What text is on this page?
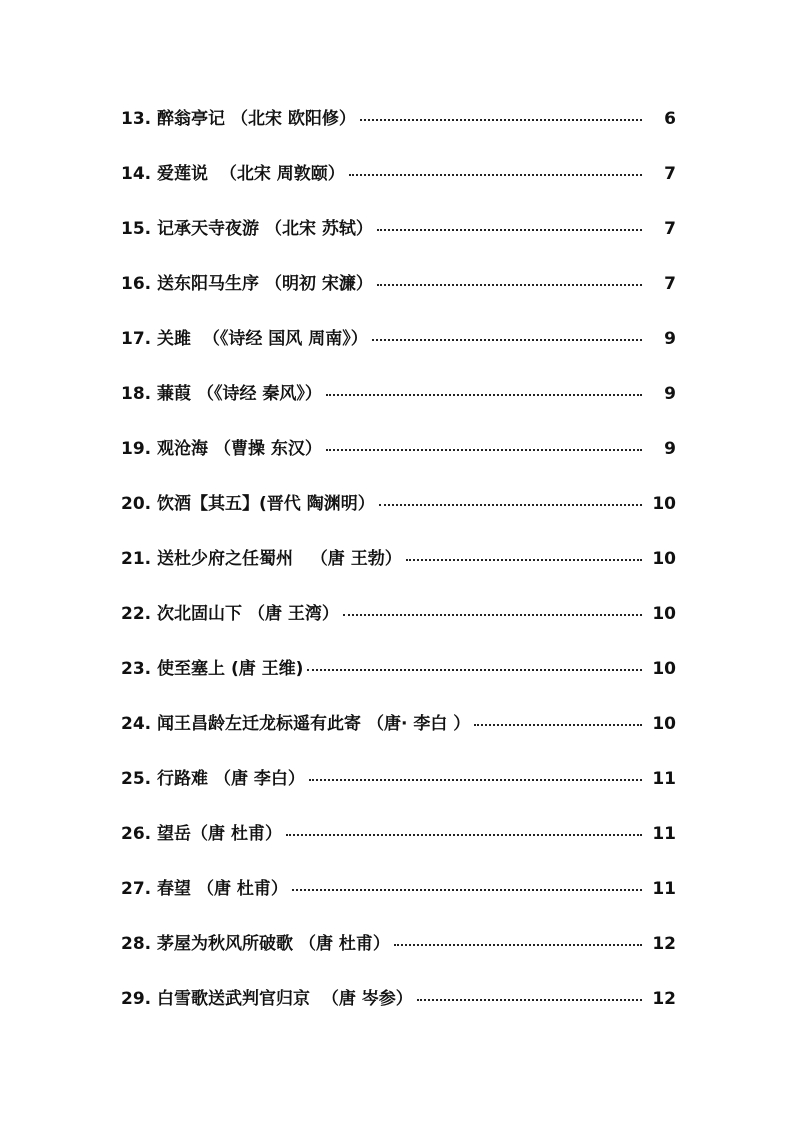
13. 醉翁亭记 （北宋 欧阳修）	6
14. 爱莲说  （北宋 周敦颐）	7
15. 记承天寺夜游 （北宋 苏轼）	7
16. 送东阳马生序 （明初 宋濂）	7
17. 关雎  （《诗经 国风 周南》）	9
18. 蒹葭 （《诗经 秦风》）	9
19. 观沧海 （曹操 东汉）	9
20. 饮酒【其五】(晋代 陶渊明）	10
21. 送杜少府之任蜀州   （唐 王勃）	10
22. 次北固山下 （唐 王湾）	10
23. 使至塞上 (唐 王维)	10
24. 闻王昌龄左迁龙标遥有此寄 （唐· 李白 ）	10
25. 行路难 （唐 李白）	11
26. 望岳（唐 杜甫）	11
27. 春望 （唐 杜甫）	11
28. 茅屋为秋风所破歌 （唐 杜甫）	12
29. 白雪歌送武判官归京  （唐 岑参）	12
